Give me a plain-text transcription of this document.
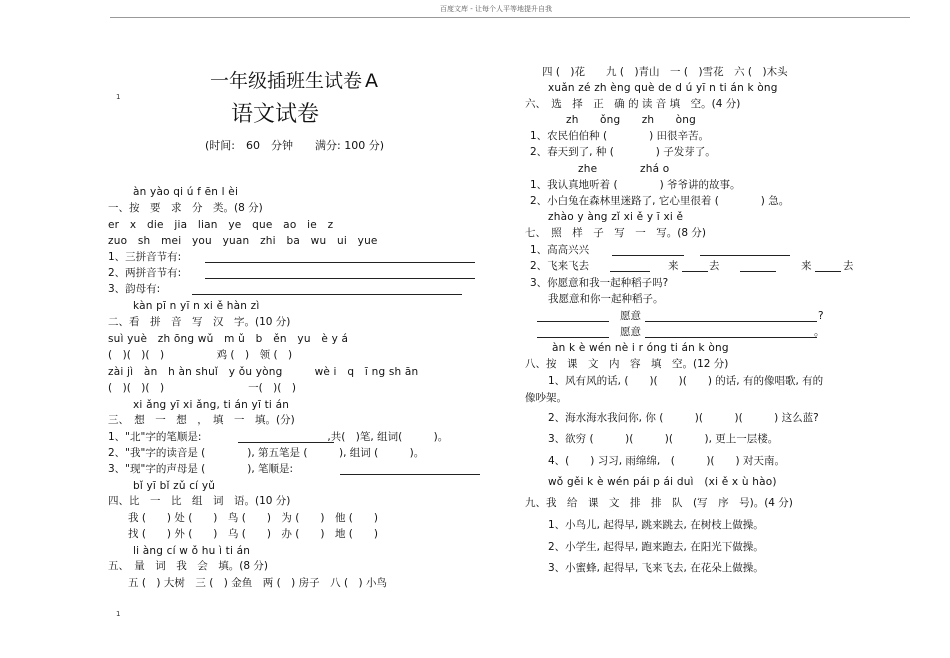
百度文库 - 让每个人平等地提升自我
1
1
一年级插班生试卷 A
语文试卷
(时间:　60　分钟　　满分: 100 分)
àn yào qi ú f ēn l èi
一、按　要　求　分　类。(8 分)
er　x　die　jia　lian　ye　que　ao　ie　z
zuo　sh　mei　you　yuan　zhi　ba　wu　ui　yue
1、三拼音节有:
2、两拼音节有:
3、韵母有:
kàn pī n yī n xi ě hàn zì
二、看　拼　音　写　汉　字。(10 分)
suì yuè　zh ōng wǔ　m ǔ　b　ěn　yu　è y á
(　)(　)(　)　　　　　鸡 (　)　领 (　)
zài jì　àn　h àn shuǐ　y ǒu yòng　　　wè i　q　ī ng sh ān
(　)(　)(　)　　　　　　　　一(　)(　)
xi ǎng yī xi ǎng, ti án yī ti án
三、　想　一　想　，　填　一　填。(分)
1、"北"字的笔顺是:　　　　　　　　　　　　,共(　)笔, 组词(　　　)。
2、"我"字的读音是 (　　　　), 第五笔是 (　　　), 组词 (　　　)。
3、"现"字的声母是 (　　　　), 笔顺是:
bǐ yī bǐ zǔ cí yǔ
四、比　一　比　组　词　语。(10 分)
我 (　　) 处 (　　)　鸟 (　　)　为 (　　)　他 (　　)
找 (　　) 外 (　　)　乌 (　　)　办 (　　)　地 (　　)
li àng cí w ǒ hu ì ti án
五、　量　词　我　会　填。(8 分)
五 (　) 大树　三 (　) 金鱼　两 (　) 房子　八 (　) 小鸟
四 (　)花　　九 (　)青山　一 (　)雪花　六 (　)木头
xuǎn zé zh èng què de d ú yī n ti án k òng
六、　选　择　正　确 的 读 音 填　空。(4 分)
zh　　ǒng　　zh　　òng
1、农民伯伯种 (　　　　) 田很辛苦。
2、春天到了, 种 (　　　　) 子发芽了。
zhe　　　　zhá o
1、我认真地听着 (　　　　) 爷爷讲的故事。
2、小白兔在森林里迷路了, 它心里很着 (　　　　) 急。
zhào y àng zǐ xi ě y ī xi ě
七、　照　样　子　写　一　写。(8 分)
1、高高兴兴
2、飞来飞去	来	去	来	去
3、你愿意和我一起种稻子吗?
我愿意和你一起种稻子。
愿意	?
愿意	。
àn k è wén nè i r óng ti án k òng
八、按　课　文　内　容　填　空。(12 分)
1、风有风的话, (　　)(　　)(　　) 的话, 有的像唱歌, 有的
像吵架。
2、海水海水我问你, 你 (　　　)(　　　)(　　　) 这么蓝?
3、欲穷 (　　　)(　　　)(　　　), 更上一层楼。
4、(　　) 习习, 雨绵绵,　(　　　)(　　) 对天南。
wǒ gěi k è wén pái p ái duì　(xi ě x ù hào)
九、我　给　课　文　排　排　队　(写　序　号)。(4 分)
1、小鸟儿, 起得早, 跳来跳去, 在树枝上做操。
2、小学生, 起得早, 跑来跑去, 在阳光下做操。
3、小蜜蜂, 起得早, 飞来飞去, 在花朵上做操。
